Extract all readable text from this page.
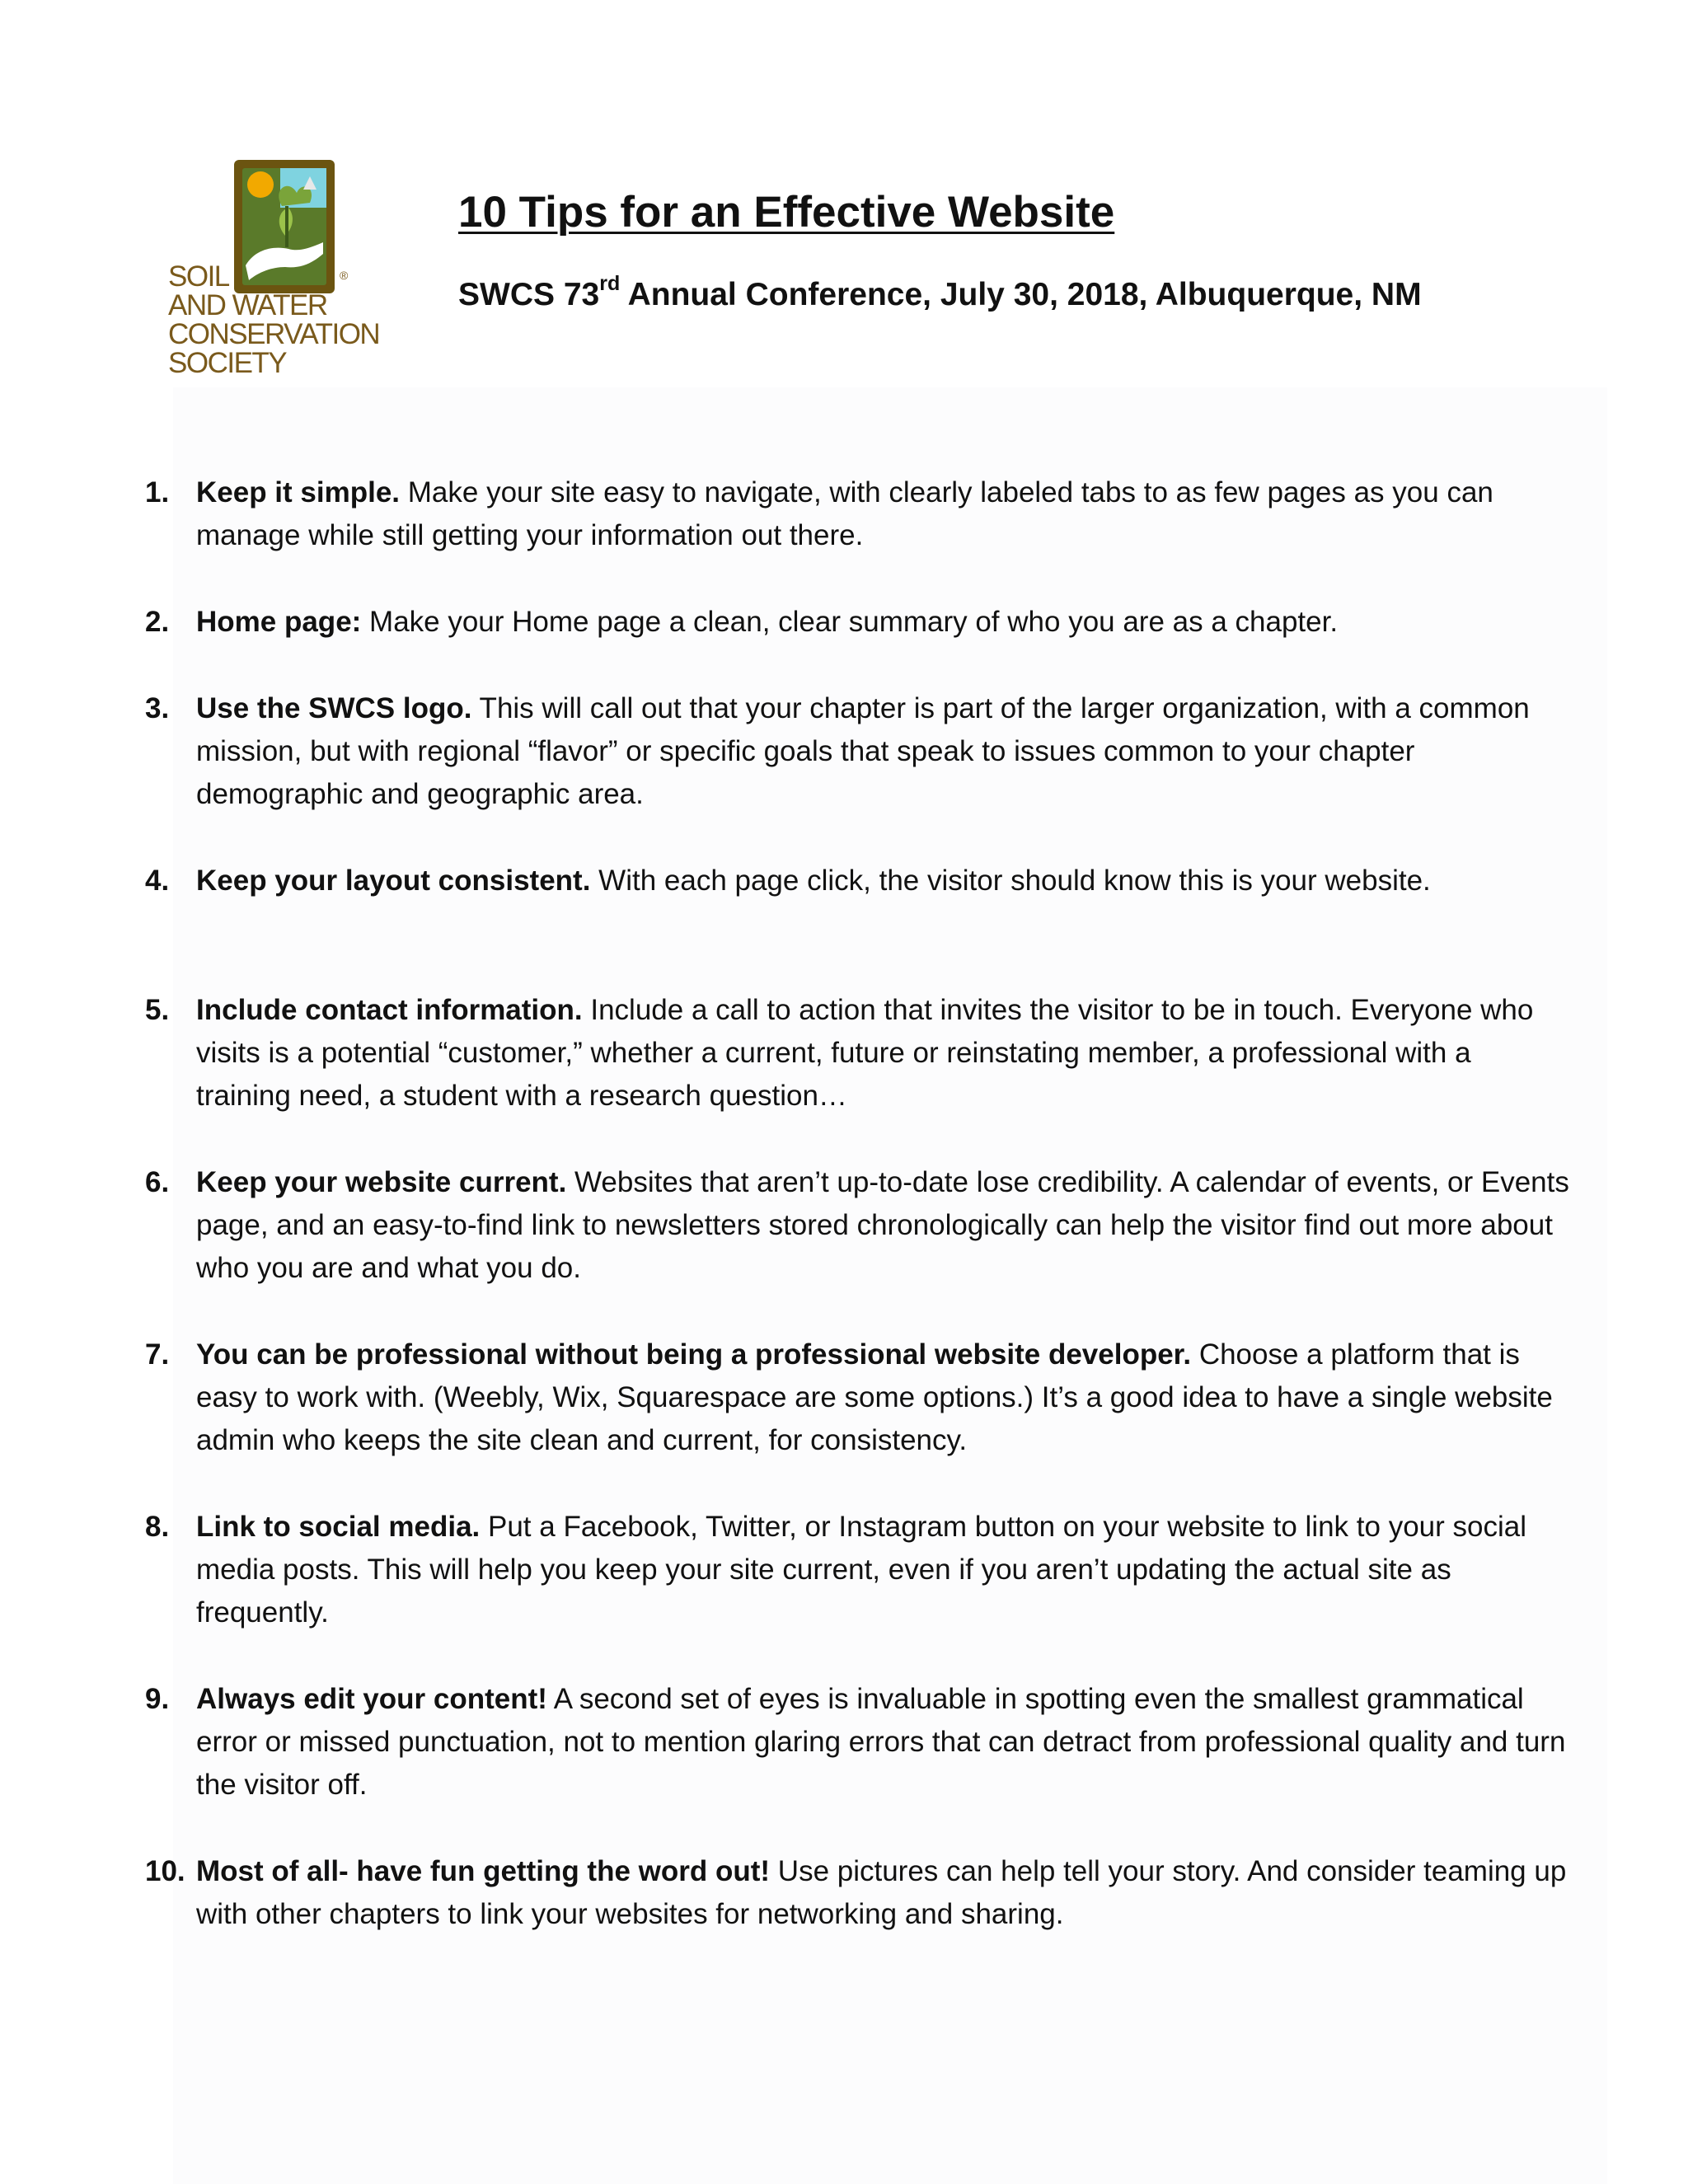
SOIL
AND WATER
CONSERVATION
SOCIETY
®
10 Tips for an Effective Website
SWCS 73rd Annual Conference, July 30, 2018, Albuquerque, NM
1. Keep it simple. Make your site easy to navigate, with clearly labeled tabs to as few pages as you can manage while still getting your information out there.
2. Home page: Make your Home page a clean, clear summary of who you are as a chapter.
3. Use the SWCS logo. This will call out that your chapter is part of the larger organization, with a common mission, but with regional “flavor” or specific goals that speak to issues common to your chapter demographic and geographic area.
4. Keep your layout consistent. With each page click, the visitor should know this is your website.
5. Include contact information. Include a call to action that invites the visitor to be in touch. Everyone who visits is a potential “customer,” whether a current, future or reinstating member, a professional with a training need, a student with a research question…
6. Keep your website current. Websites that aren’t up-to-date lose credibility. A calendar of events, or Events page, and an easy-to-find link to newsletters stored chronologically can help the visitor find out more about who you are and what you do.
7. You can be professional without being a professional website developer. Choose a platform that is easy to work with. (Weebly, Wix, Squarespace are some options.) It’s a good idea to have a single website admin who keeps the site clean and current, for consistency.
8. Link to social media. Put a Facebook, Twitter, or Instagram button on your website to link to your social media posts. This will help you keep your site current, even if you aren’t updating the actual site as frequently.
9. Always edit your content! A second set of eyes is invaluable in spotting even the smallest grammatical error or missed punctuation, not to mention glaring errors that can detract from professional quality and turn the visitor off.
10. Most of all- have fun getting the word out! Use pictures can help tell your story. And consider teaming up with other chapters to link your websites for networking and sharing.
